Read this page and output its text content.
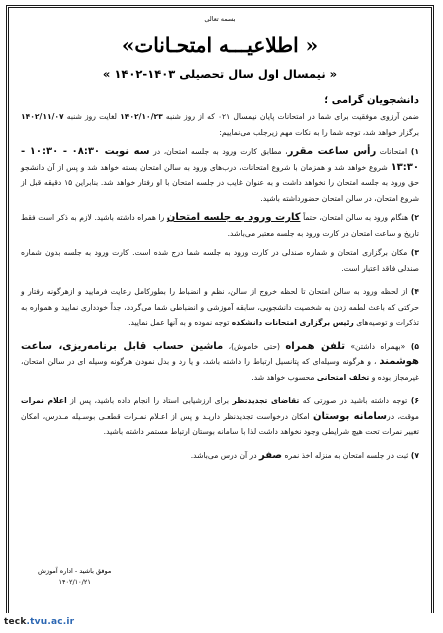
بسمه تعالی
« اطلاعیـــه امتحـانات»
« نیمسال اول سال تحصیلی ۱۴۰۳-۱۴۰۲ »
دانشجویان گرامی ؛

ضمن آرزوی موفقیت برای شما در امتحانات پایان نیمسال ۰۲۱ که از روز شنبه ۱۴۰۲/۱۰/۲۳ لغایت روز شنبه ۱۴۰۲/۱۱/۰۷ برگزار خواهد شد، توجه شما را به نکات مهم زیرجلب می‌نماییم:

۱) امتحانات رأس ساعت مقرر، مطابق کارت ورود به جلسه امتحان، در سه نوبت ۰۸:۳۰ - ۱۰:۳۰ - ۱۳:۳۰ شروع خواهد شد و همزمان با شروع امتحانات، درب‌های ورود به سالن امتحان بسته خواهد شد و پس از آن دانشجو حق ورود به جلسه امتحان را نخواهد داشت و به عنوان غایب در جلسه امتحان با او رفتار خواهد شد. بنابراین ۱۵ دقیقه قبل از شروع امتحان، در سالن امتحان حضورداشته باشید.

۲) هنگام ورود به سالن امتحان، حتماً کارت ورود به جلسه امتحان را همراه داشته باشید. لازم به ذکر است فقط تاریخ و ساعت امتحان در کارت ورود به جلسه معتبر می‌باشد.

۳) مکان برگزاری امتحان و شماره صندلی در کارت ورود به جلسه شما درج شده است. کارت ورود به جلسه بدون شماره صندلی فاقد اعتبار است.

۴) از لحظه ورود به سالن امتحان تا لحظه خروج از سالن، نظم و انضباط را بطورکامل رعایت فرمایید و ازهرگونه رفتار و حرکتی که باعث لطمه زدن به شخصیت دانشجویی، سابقه آموزشی و انضباطی شما می‌گردد، جداً خودداری نمایید و همواره به تذکرات و توصیه‌های رئیس برگزاری امتحانات دانشکده توجه نموده و به آنها عمل نمایید.

۵) «بهمراه داشتن» تلفن همراه (حتی خاموش)، ماشین حساب قابل برنامه‌ریزی، ساعت هوشمند ، و هرگونه وسیله‌ای که پتانسیل ارتباط را داشته باشد، و یا رد و بدل نمودن هرگونه وسیله ای در سالن امتحان، غیرمجاز بوده و تخلف امتحانی محسوب خواهد شد.

۶) توجه داشته باشید در صورتی که تقاضای تجدیدنظر برای ارزشیابی استاد را انجام داده باشید، پس از اعلام نمرات موقت، درسامانه بوستان امکان درخواست تجدیدنظر داریـد و پس از اعـلام نمـرات قطعـی بوسـیله مـدرس، امکان تغییر نمرات تحت هیچ شرایطی وجود نخواهد داشت لذا با سامانه بوستان ارتباط مستمر داشته باشید.

۷) ثبت در جلسه امتحان به منزله اخذ نمره صفر در آن درس می‌باشد.

موفق باشید - اداره آموزش
۱۴۰۲/۱۰/۲۱
teck.tvu.ac.ir
